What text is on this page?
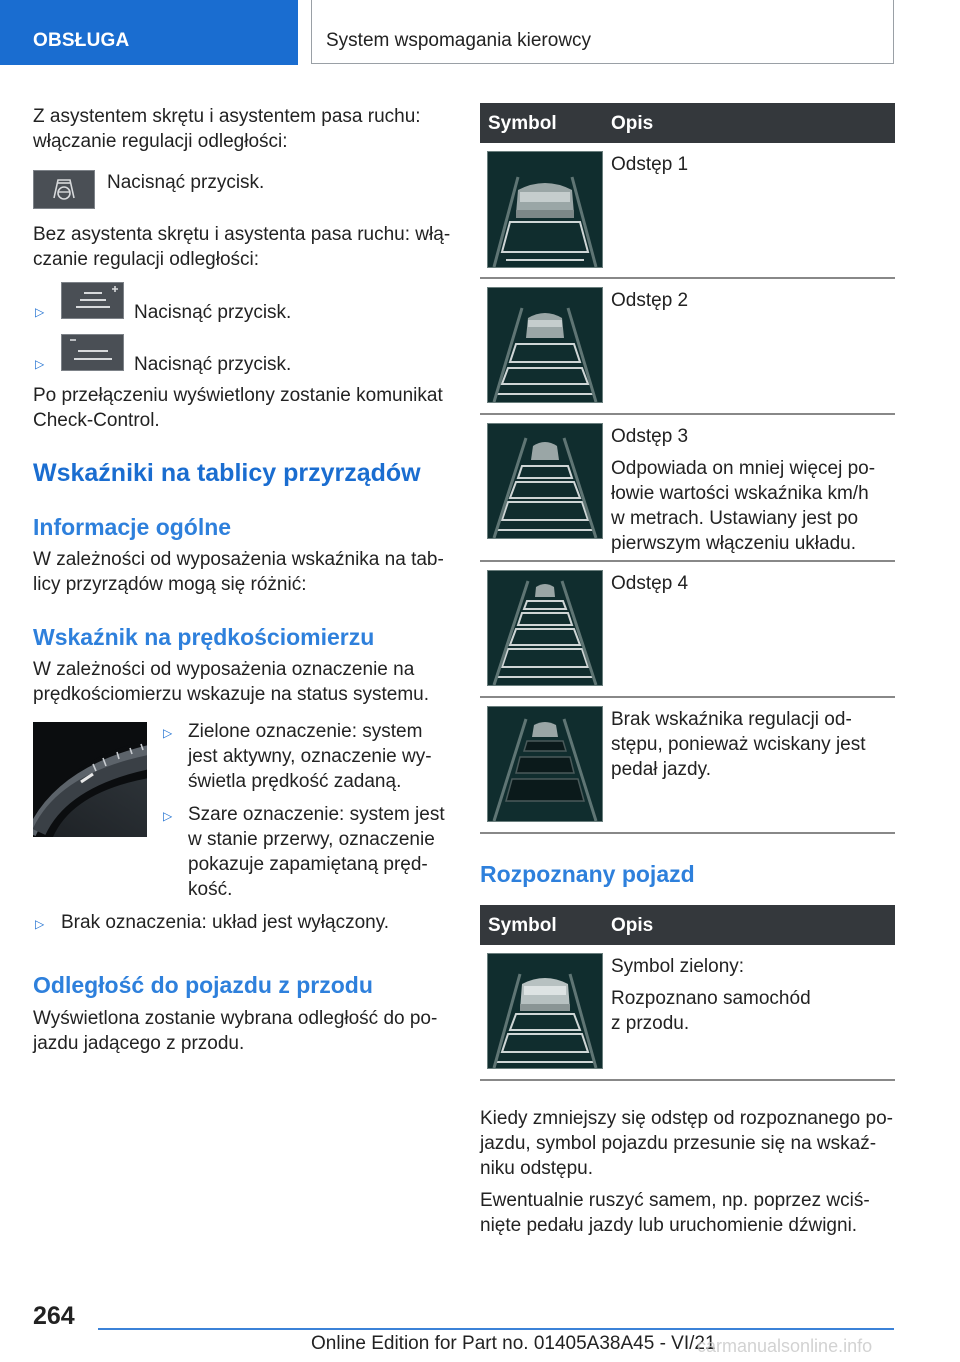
OBSŁUGA	System wspomagania kierowcy
Z asystentem skrętu i asystentem pasa ruchu:
włączanie regulacji odległości:
Nacisnąć przycisk.
Bez asystenta skrętu i asystenta pasa ruchu: włą-
czanie regulacji odległości:
▷	Nacisnąć przycisk.
▷	Nacisnąć przycisk.
Po przełączeniu wyświetlony zostanie komunikat
Check-Control.
Wskaźniki na tablicy przyrządów
Informacje ogólne
W zależności od wyposażenia wskaźnika na tab-
licy przyrządów mogą się różnić:
Wskaźnik na prędkościomierzu
W zależności od wyposażenia oznaczenie na
prędkościomierzu wskazuje na status systemu.
▷ Zielone oznaczenie: system
jest aktywny, oznaczenie wy-
świetla prędkość zadaną.
▷ Szare oznaczenie: system jest
w stanie przerwy, oznaczenie
pokazuje zapamiętaną pręd-
kość.
▷ Brak oznaczenia: układ jest wyłączony.
Odległość do pojazdu z przodu
Wyświetlona zostanie wybrana odległość do po-
jazdu jadącego z przodu.
Symbol	Opis
Odstęp 1
Odstęp 2
Odstęp 3
Odpowiada on mniej więcej po-
łowie wartości wskaźnika km/h
w metrach. Ustawiany jest po
pierwszym włączeniu układu.
Odstęp 4
Brak wskaźnika regulacji od-
stępu, ponieważ wciskany jest
pedał jazdy.
Rozpoznany pojazd
Symbol	Opis
Symbol zielony:
Rozpoznano samochód
z przodu.
Kiedy zmniejszy się odstęp od rozpoznanego po-
jazdu, symbol pojazdu przesunie się na wskaź-
niku odstępu.
Ewentualnie ruszyć samem, np. poprzez wciś-
nięte pedału jazdy lub uruchomienie dźwigni.
264
Online Edition for Part no. 01405A38A45 - VI/21
carmanualsonline.info
